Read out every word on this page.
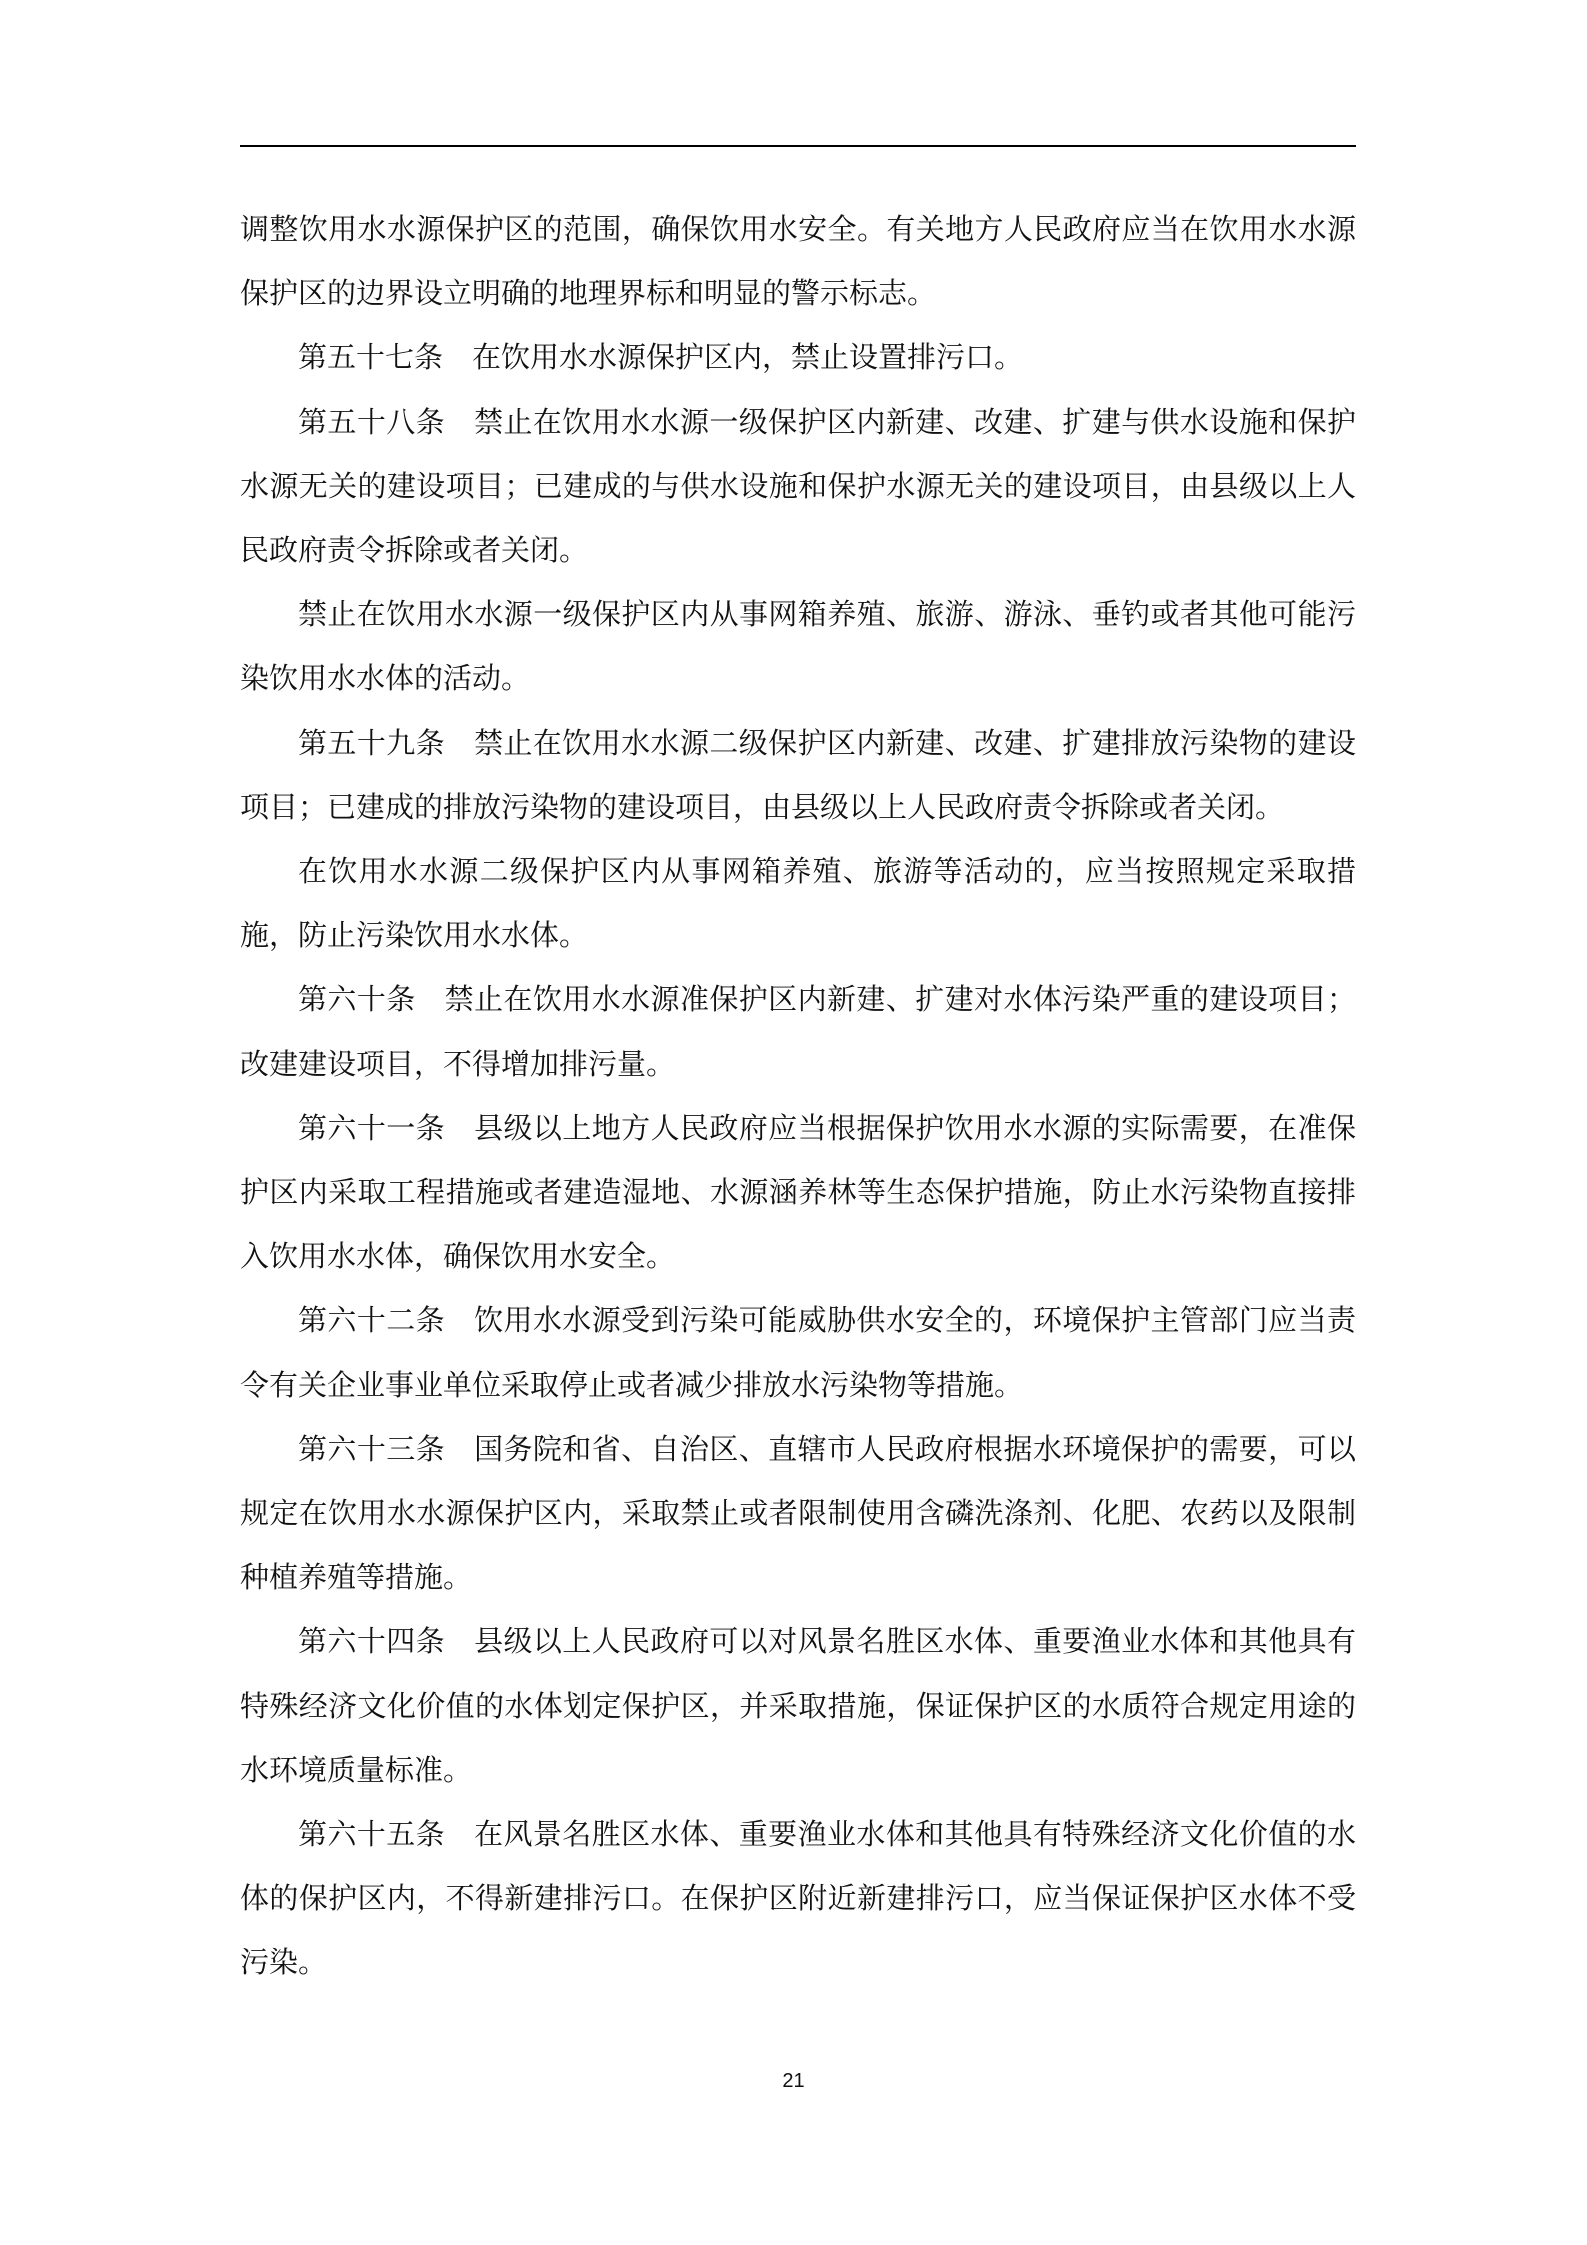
调整饮用水水源保护区的范围，确保饮用水安全。有关地方人民政府应当在饮用水水源保护区的边界设立明确的地理界标和明显的警示标志。

第五十七条 在饮用水水源保护区内，禁止设置排污口。

第五十八条 禁止在饮用水水源一级保护区内新建、改建、扩建与供水设施和保护水源无关的建设项目；已建成的与供水设施和保护水源无关的建设项目，由县级以上人民政府责令拆除或者关闭。

禁止在饮用水水源一级保护区内从事网箱养殖、旅游、游泳、垂钓或者其他可能污染饮用水水体的活动。

第五十九条 禁止在饮用水水源二级保护区内新建、改建、扩建排放污染物的建设项目；已建成的排放污染物的建设项目，由县级以上人民政府责令拆除或者关闭。

在饮用水水源二级保护区内从事网箱养殖、旅游等活动的，应当按照规定采取措施，防止污染饮用水水体。

第六十条 禁止在饮用水水源准保护区内新建、扩建对水体污染严重的建设项目；改建建设项目，不得增加排污量。

第六十一条 县级以上地方人民政府应当根据保护饮用水水源的实际需要，在准保护区内采取工程措施或者建造湿地、水源涵养林等生态保护措施，防止水污染物直接排入饮用水水体，确保饮用水安全。

第六十二条 饮用水水源受到污染可能威胁供水安全的，环境保护主管部门应当责令有关企业事业单位采取停止或者减少排放水污染物等措施。

第六十三条 国务院和省、自治区、直辖市人民政府根据水环境保护的需要，可以规定在饮用水水源保护区内，采取禁止或者限制使用含磷洗涤剂、化肥、农药以及限制种植养殖等措施。

第六十四条 县级以上人民政府可以对风景名胜区水体、重要渔业水体和其他具有特殊经济文化价值的水体划定保护区，并采取措施，保证保护区的水质符合规定用途的水环境质量标准。

第六十五条 在风景名胜区水体、重要渔业水体和其他具有特殊经济文化价值的水体的保护区内，不得新建排污口。在保护区附近新建排污口，应当保证保护区水体不受污染。

21
